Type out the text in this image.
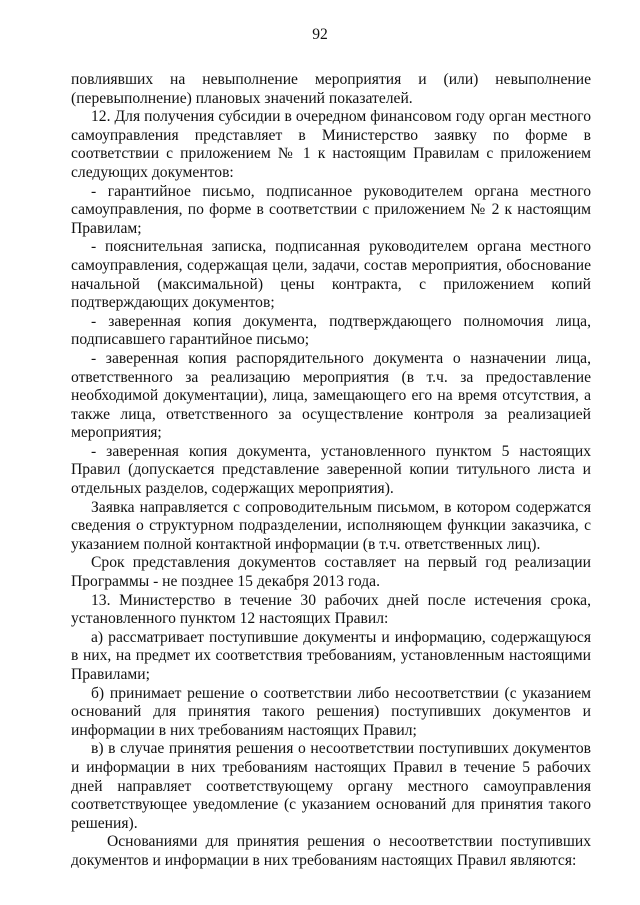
92

повлиявших на невыполнение мероприятия и (или) невыполнение (перевыполнение) плановых значений показателей.

12. Для получения субсидии в очередном финансовом году орган местного самоуправления представляет в Министерство заявку по форме в соответствии с приложением № 1 к настоящим Правилам с приложением следующих документов:

- гарантийное письмо, подписанное руководителем органа местного самоуправления, по форме в соответствии с приложением № 2 к настоящим Правилам;

- пояснительная записка, подписанная руководителем органа местного самоуправления, содержащая цели, задачи, состав мероприятия, обоснование начальной (максимальной) цены контракта, с приложением копий подтверждающих документов;

- заверенная копия документа, подтверждающего полномочия лица, подписавшего гарантийное письмо;

- заверенная копия распорядительного документа о назначении лица, ответственного за реализацию мероприятия (в т.ч. за предоставление необходимой документации), лица, замещающего его на время отсутствия, а также лица, ответственного за осуществление контроля за реализацией мероприятия;

- заверенная копия документа, установленного пунктом 5 настоящих Правил (допускается представление заверенной копии титульного листа и отдельных разделов, содержащих мероприятия).

Заявка направляется с сопроводительным письмом, в котором содержатся сведения о структурном подразделении, исполняющем функции заказчика, с указанием полной контактной информации (в т.ч. ответственных лиц).

Срок представления документов составляет на первый год реализации Программы - не позднее 15 декабря 2013 года.

13. Министерство в течение 30 рабочих дней после истечения срока, установленного пунктом 12 настоящих Правил:

а) рассматривает поступившие документы и информацию, содержащуюся в них, на предмет их соответствия требованиям, установленным настоящими Правилами;

б) принимает решение о соответствии либо несоответствии (с указанием оснований для принятия такого решения) поступивших документов и информации в них требованиям настоящих Правил;

в) в случае принятия решения о несоответствии поступивших документов и информации в них требованиям настоящих Правил в течение 5 рабочих дней направляет соответствующему органу местного самоуправления соответствующее уведомление (с указанием оснований для принятия такого решения).

Основаниями для принятия решения о несоответствии поступивших документов и информации в них требованиям настоящих Правил являются:
